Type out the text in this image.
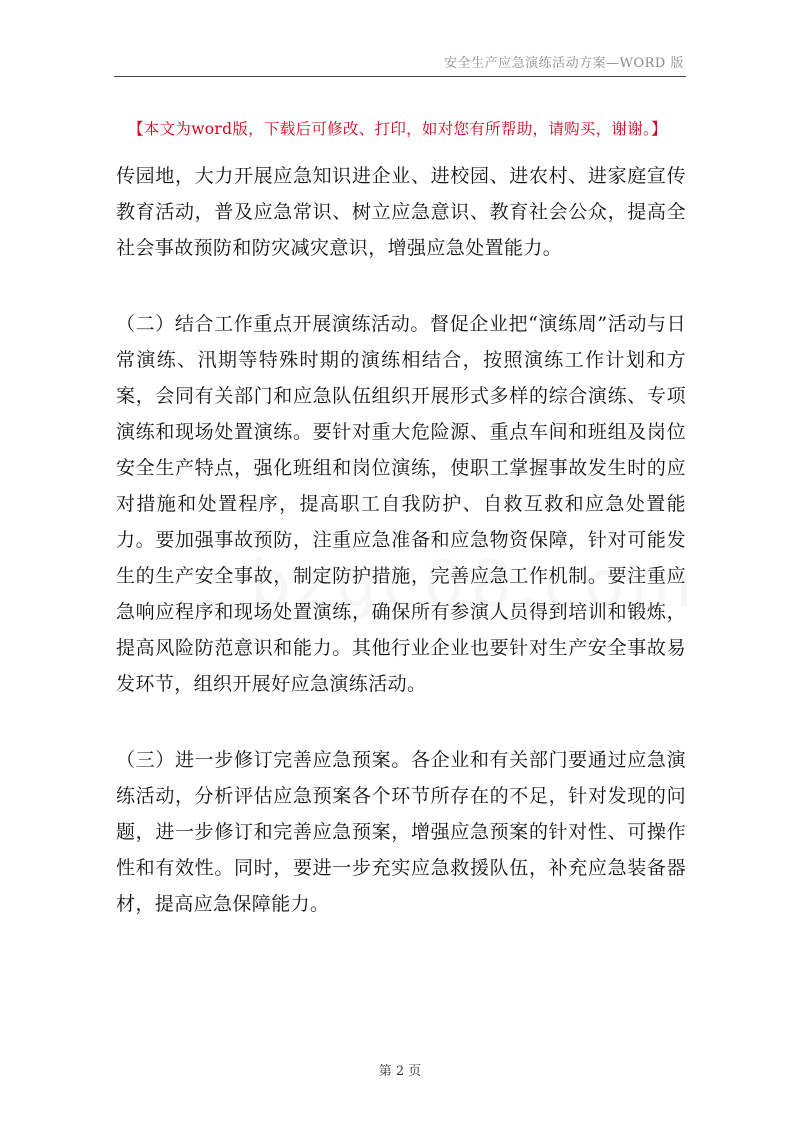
安全生产应急演练活动方案—WORD 版
【本文为word版，下载后可修改、打印，如对您有所帮助，请购买，谢谢。】

传园地，大力开展应急知识进企业、进校园、进农村、进家庭宣传教育活动，普及应急常识、树立应急意识、教育社会公众，提高全社会事故预防和防灾减灾意识，增强应急处置能力。

（二）结合工作重点开展演练活动。督促企业把“演练周”活动与日常演练、汛期等特殊时期的演练相结合，按照演练工作计划和方案，会同有关部门和应急队伍组织开展形式多样的综合演练、专项演练和现场处置演练。要针对重大危险源、重点车间和班组及岗位安全生产特点，强化班组和岗位演练，使职工掌握事故发生时的应对措施和处置程序，提高职工自我防护、自救互救和应急处置能力。要加强事故预防，注重应急准备和应急物资保障，针对可能发生的生产安全事故，制定防护措施，完善应急工作机制。要注重应急响应程序和现场处置演练，确保所有参演人员得到培训和锻炼，提高风险防范意识和能力。其他行业企业也要针对生产安全事故易发环节，组织开展好应急演练活动。

（三）进一步修订完善应急预案。各企业和有关部门要通过应急演练活动，分析评估应急预案各个环节所存在的不足，针对发现的问题，进一步修订和完善应急预案，增强应急预案的针对性、可操作性和有效性。同时，要进一步充实应急救援队伍，补充应急装备器材，提高应急保障能力。

第 2 页
